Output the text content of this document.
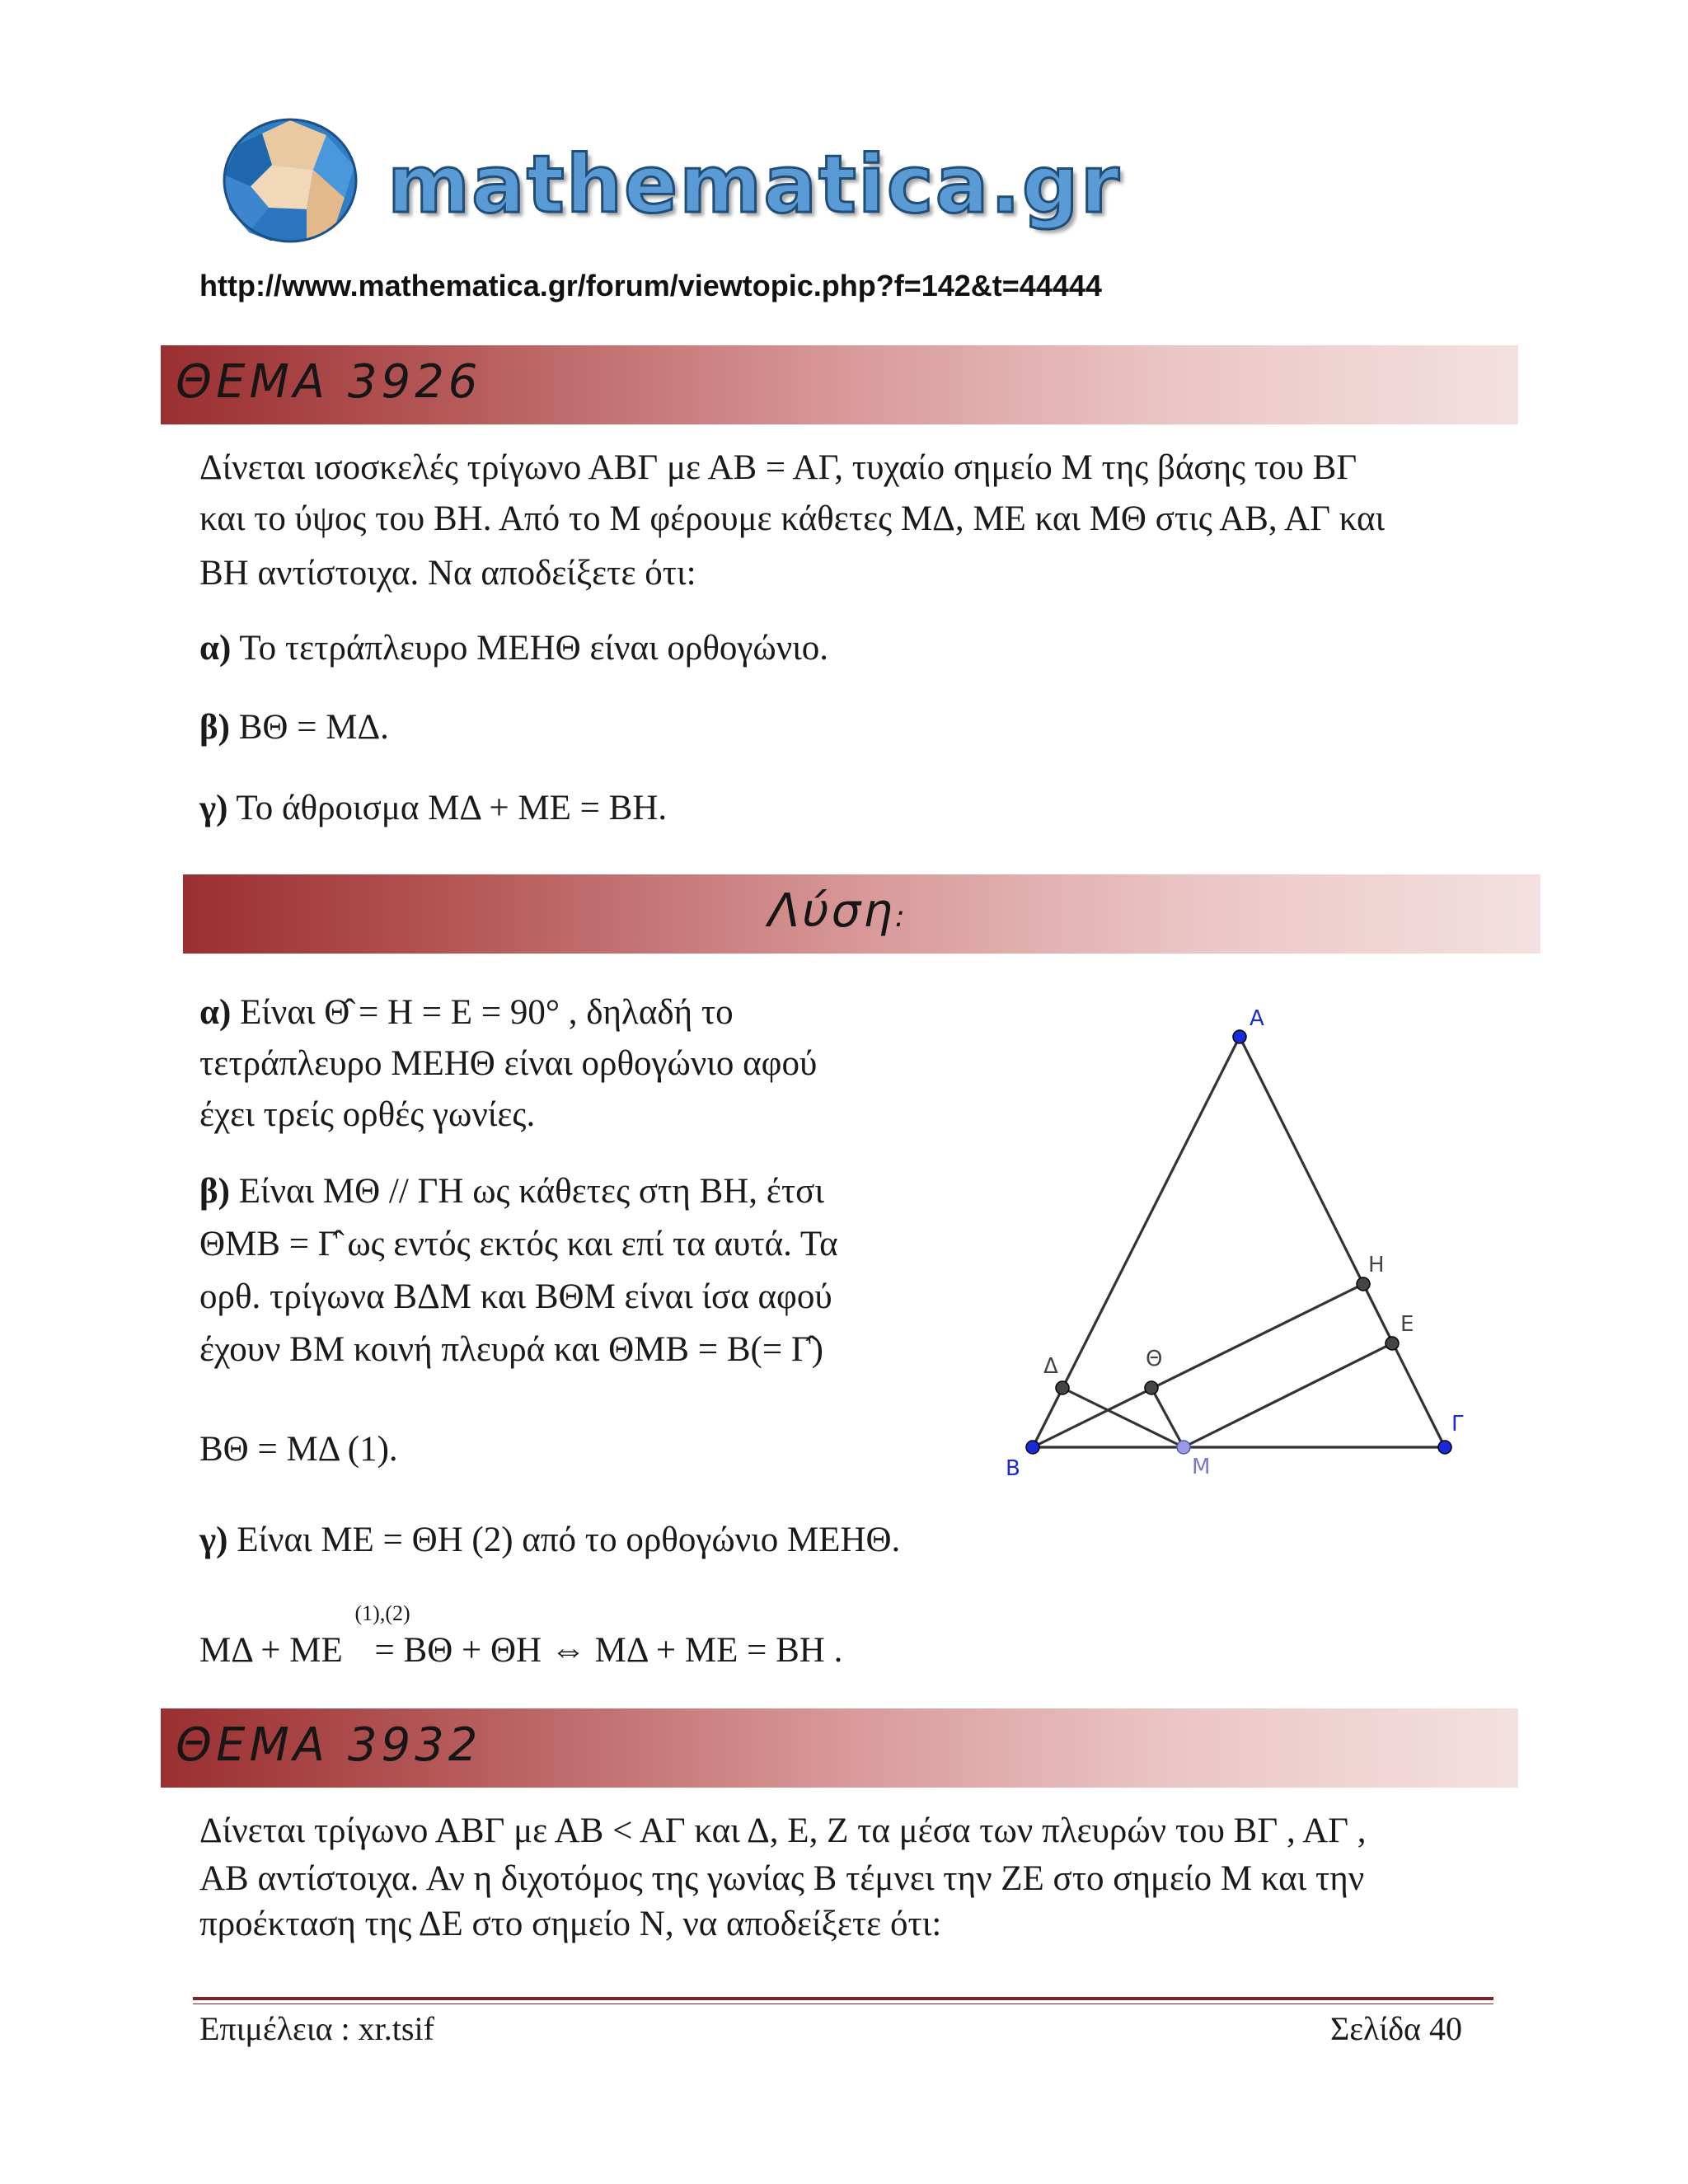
mathematica.gr
http://www.mathematica.gr/forum/viewtopic.php?f=142&t=44444
ΘΕΜΑ 3926
Δίνεται ισοσκελές τρίγωνο ΑΒΓ με ΑΒ = ΑΓ, τυχαίο σημείο Μ της βάσης του ΒΓ
και το ύψος του ΒΗ. Από το Μ φέρουμε κάθετες ΜΔ, ΜΕ και ΜΘ στις ΑΒ, ΑΓ και
ΒΗ αντίστοιχα. Να αποδείξετε ότι:
α) Το τετράπλευρο ΜΕΗΘ είναι ορθογώνιο.
β) ΒΘ = ΜΔ.
γ) Το άθροισμα ΜΔ + ΜΕ = ΒΗ.
Λύση:
α) Είναι Θ̂ = Η = Ε = 90° , δηλαδή το
τετράπλευρο ΜΕΗΘ είναι ορθογώνιο αφού
έχει τρείς ορθές γωνίες.
β) Είναι ΜΘ // ΓΗ ως κάθετες στη ΒΗ, έτσι
ΘΜΒ = Γ̂ ως εντός εκτός και επί τα αυτά. Τα
ορθ. τρίγωνα ΒΔΜ και ΒΘΜ είναι ίσα αφού
έχουν ΒΜ κοινή πλευρά και ΘΜΒ = Β(= Γ̂)
ΒΘ = ΜΔ (1).
γ) Είναι ΜΕ = ΘΗ (2) από το ορθογώνιο ΜΕΗΘ.
ΜΔ + ΜΕ
(1),(2)
= ΒΘ + ΘΗ ⇔ ΜΔ + ΜΕ = ΒΗ .
A
B
Γ
H
E
Δ	Θ
M
ΘΕΜΑ 3932
Δίνεται τρίγωνο ΑΒΓ με ΑΒ < ΑΓ και Δ, Ε, Ζ τα μέσα των πλευρών του ΒΓ , ΑΓ ,
ΑΒ αντίστοιχα. Αν η διχοτόμος της γωνίας Β τέμνει την ΖΕ στο σημείο Μ και την
προέκταση της ΔΕ στο σημείο Ν, να αποδείξετε ότι:
Επιμέλεια : xr.tsif	Σελίδα 40
